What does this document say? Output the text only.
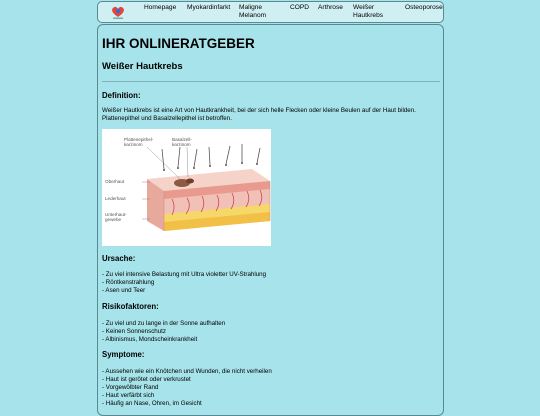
Homepage Myokardinfarkt Maligne
Melanom
COPD Arthrose Weißer
Hautkrebs
Osteoporose
IHR ONLINERATGEBER
Weißer Hautkrebs
Definition:

Weißer Hautkrebs ist eine Art von Hautkrankheit, bei der sich helle Flecken oder kleine Beulen auf der Haut bilden. Plattenepithel und Basalzellepithel ist betroffen.

Plattenepithel-
karzinom
Basalzell-
karzinom
Oberhaut
Lederhaut
Unterhaut-
gewebe
Ursache:
- Zu viel intensive Belastung mit Ultra violetter UV-Strahlung
- Röntkenstrahlung
- Asen und Teer
Risikofaktoren:
- Zu viel und zu lange in der Sonne aufhalten
- Keinen Sonnenschutz
- Albinismus, Mondscheinkrankheit
Symptome:
- Aussehen wie ein Knötchen und Wunden, die nicht verheilen
- Haut ist gerötet oder verkrustet
- Vorgewölbter Rand
- Haut verfärbt sich
- Häufig an Nase, Ohren, im Gesicht
